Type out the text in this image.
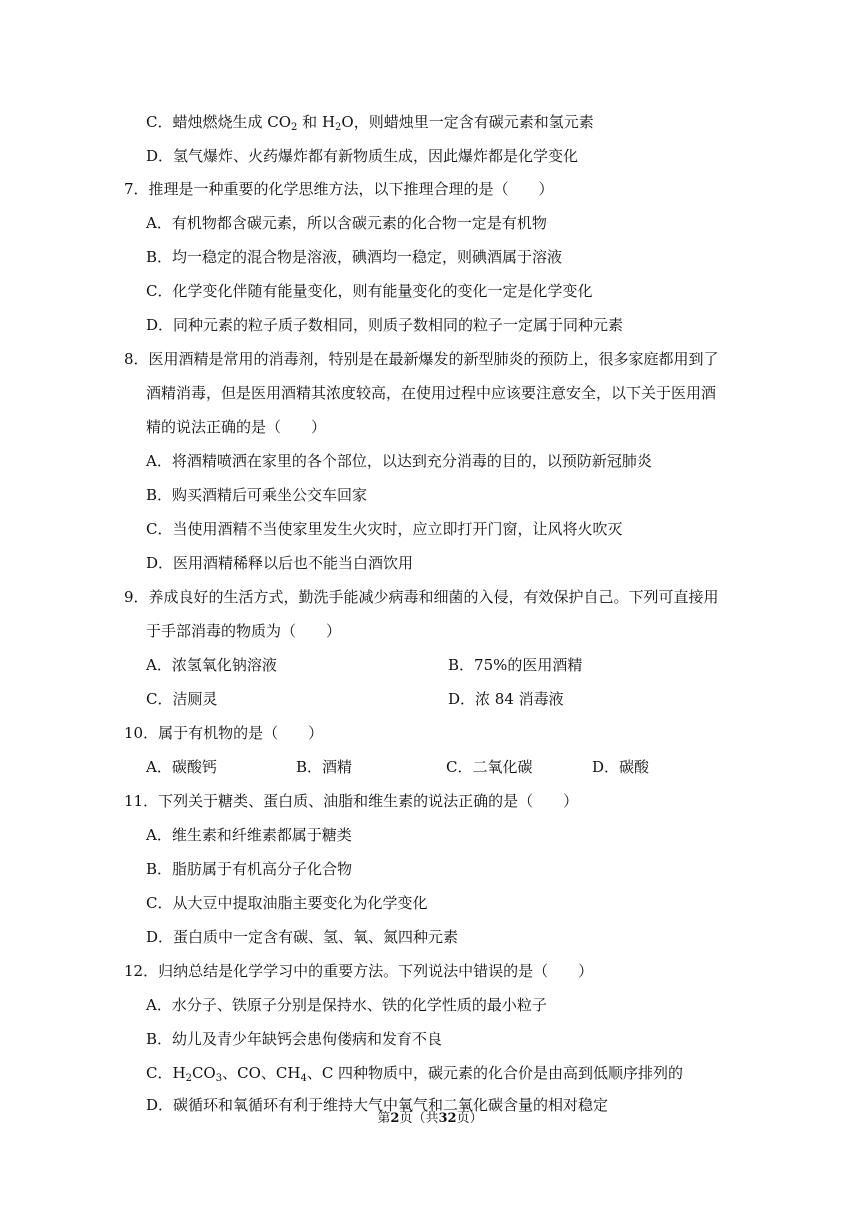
C．蜡烛燃烧生成 $CO_2$ 和 $H_2O$，则蜡烛里一定含有碳元素和氢元素
D．氢气爆炸、火药爆炸都有新物质生成，因此爆炸都是化学变化
7．推理是一种重要的化学思维方法，以下推理合理的是（　　）
A．有机物都含碳元素，所以含碳元素的化合物一定是有机物
B．均一稳定的混合物是溶液，碘酒均一稳定，则碘酒属于溶液
C．化学变化伴随有能量变化，则有能量变化的变化一定是化学变化
D．同种元素的粒子质子数相同，则质子数相同的粒子一定属于同种元素
8．医用酒精是常用的消毒剂，特别是在最新爆发的新型肺炎的预防上，很多家庭都用到了
酒精消毒，但是医用酒精其浓度较高，在使用过程中应该要注意安全，以下关于医用酒
精的说法正确的是（　　）
A．将酒精喷洒在家里的各个部位，以达到充分消毒的目的，以预防新冠肺炎
B．购买酒精后可乘坐公交车回家
C．当使用酒精不当使家里发生火灾时，应立即打开门窗，让风将火吹灭
D．医用酒精稀释以后也不能当白酒饮用
9．养成良好的生活方式，勤洗手能减少病毒和细菌的入侵，有效保护自己。下列可直接用
于手部消毒的物质为（　　）
A．浓氢氧化钠溶液	B．75%的医用酒精
C．洁厕灵	D．浓 84 消毒液
10．属于有机物的是（　　）
A．碳酸钙	B．酒精	C．二氧化碳	D．碳酸
11．下列关于糖类、蛋白质、油脂和维生素的说法正确的是（　　）
A．维生素和纤维素都属于糖类
B．脂肪属于有机高分子化合物
C．从大豆中提取油脂主要变化为化学变化
D．蛋白质中一定含有碳、氢、氧、氮四种元素
12．归纳总结是化学学习中的重要方法。下列说法中错误的是（　　）
A．水分子、铁原子分别是保持水、铁的化学性质的最小粒子
B．幼儿及青少年缺钙会患佝偻病和发育不良
C．$H_2CO_3$、CO、$CH_4$、C 四种物质中，碳元素的化合价是由高到低顺序排列的
D．碳循环和氧循环有利于维持大气中氧气和二氧化碳含量的相对稳定
第2页（共32页）
